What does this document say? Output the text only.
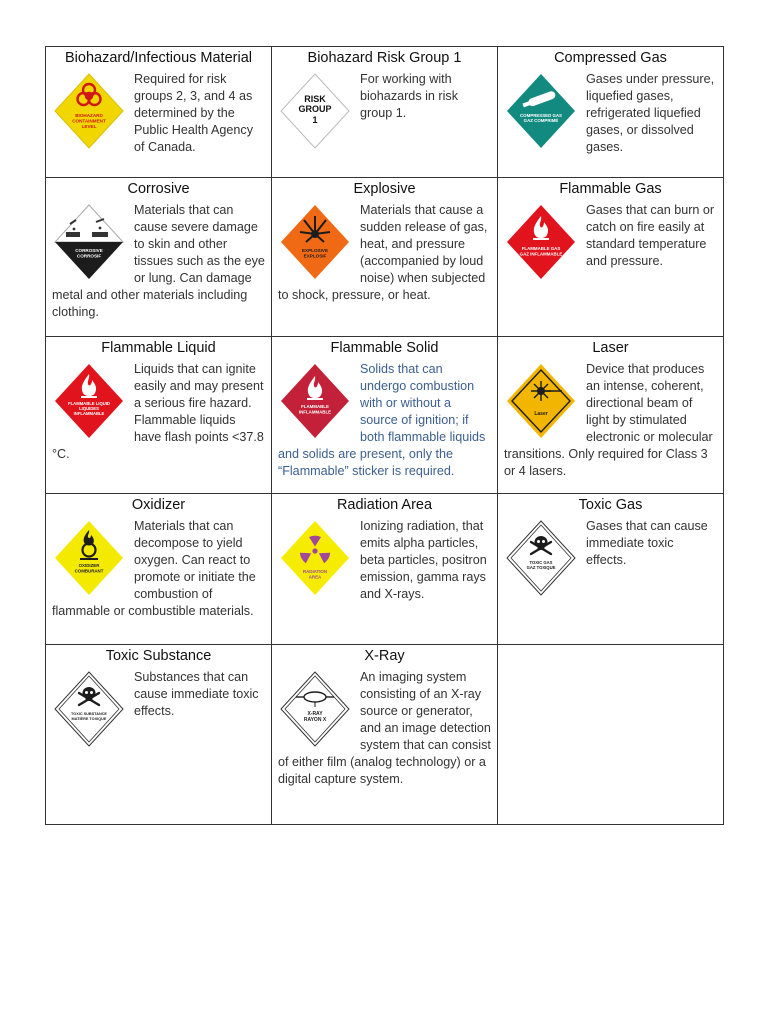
Biohazard/Infectious Material
BIOHAZARD
CONTAINMENT
LEVEL

Required for risk groups 2, 3, and 4 as determined by the Public Health Agency of Canada.

Biohazard Risk Group 1
RISK
GROUP
1

For working with biohazards in risk group 1.

Compressed Gas
COMPRESSED GAS
GAZ COMPRIMÉ

Gases under pressure, liquefied gases, refrigerated liquefied gases, or dissolved gases.

Corrosive
CORROSIVE
CORROSIF

Materials that can cause severe damage to skin and other tissues such as the eye or lung. Can damage metal and other materials including clothing.

Explosive
EXPLOSIVE
EXPLOSIF

Materials that cause a sudden release of gas, heat, and pressure (accompanied by loud noise) when subjected to shock, pressure, or heat.

Flammable Gas
FLAMMABLE GAS
GAZ INFLAMMABLE

Gases that can burn or catch on fire easily at standard temperature and pressure.

Flammable Liquid
FLAMMABLE LIQUID
LIQUIDES
INFLAMMABLE

Liquids that can ignite easily and may present a serious fire hazard. Flammable liquids have flash points <37.8 °C.

Flammable Solid
FLAMMABLE
INFLAMMABLE

Solids that can undergo combustion with or without a source of ignition; if both flammable liquids and solids are present, only the “Flammable” sticker is required.

Laser
Laser

Device that produces an intense, coherent, directional beam of light by stimulated electronic or molecular transitions. Only required for Class 3 or 4 lasers.

Oxidizer
OXIDIZER
COMBURANT

Materials that can decompose to yield oxygen. Can react to promote or initiate the combustion of flammable or combustible materials.

Radiation Area
RADIATION
AREA

Ionizing radiation, that emits alpha particles, beta particles, positron emission, gamma rays and X-rays.

Toxic Gas
TOXIC GAS
GAZ TOXIQUE

Gases that can cause immediate toxic effects.

Toxic Substance
TOXIC SUBSTANCE
MATIÈRE TOXIQUE

Substances that can cause immediate toxic effects.

X-Ray
X-RAY
RAYON X

An imaging system consisting of an X-ray source or generator, and an image detection system that can consist of either film (analog technology) or a digital capture system.
